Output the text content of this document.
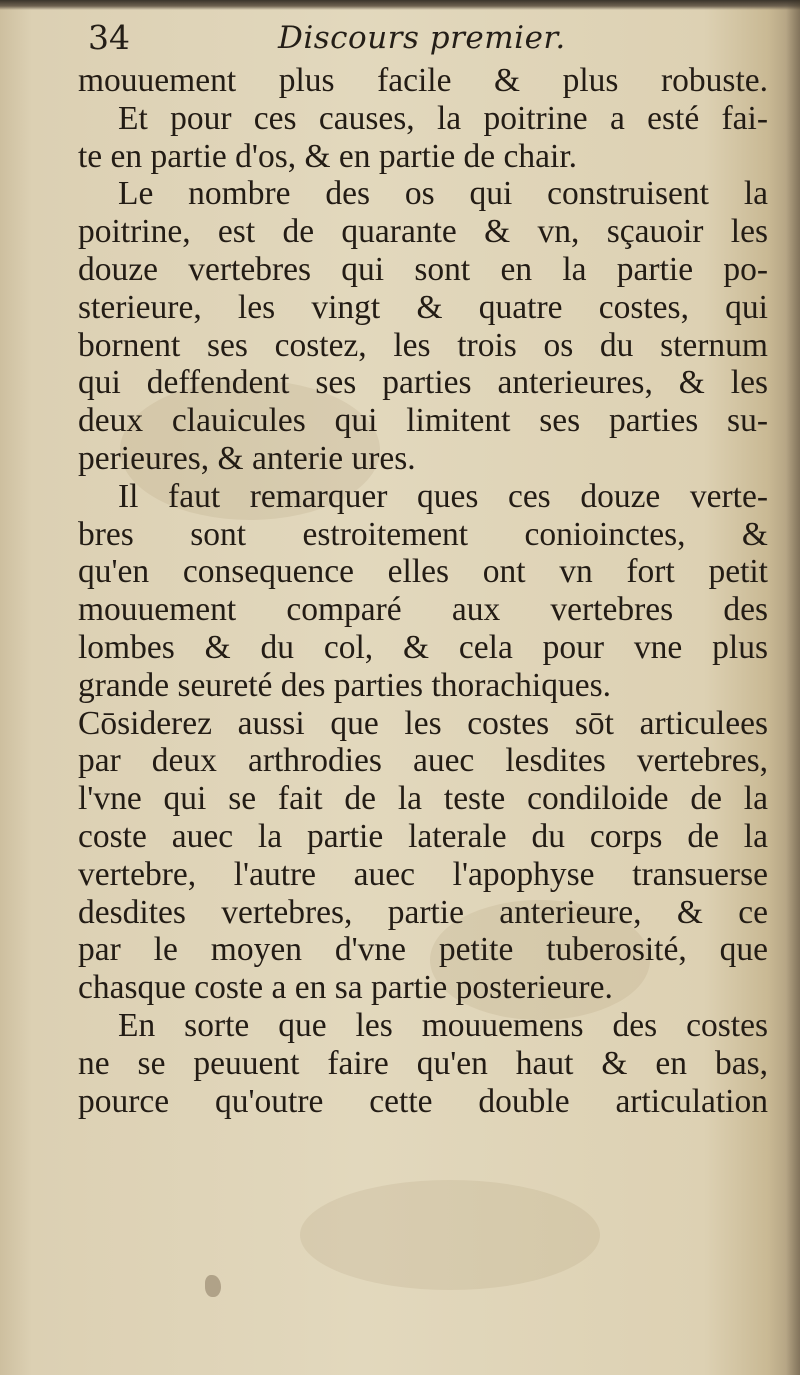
34	Discours premier.
mouuement plus facile & plus robuste.
Et pour ces causes, la poitrine a esté fai-
te en partie d'os, & en partie de chair.
Le nombre des os qui construisent la
poitrine, est de quarante & vn, sçauoir les
douze vertebres qui sont en la partie po-
sterieure, les vingt & quatre costes, qui
bornent ses costez, les trois os du sternum
qui deffendent ses parties anterieures, & les
deux clauicules qui limitent ses parties su-
perieures, & anterie ures.
Il faut remarquer ques ces douze verte-
bres sont estroitement conioinctes, &
qu'en consequence elles ont vn fort petit
mouuement comparé aux vertebres des
lombes & du col, & cela pour vne plus
grande seureté des parties thorachiques.
Cōsiderez aussi que les costes sōt articulees
par deux arthrodies auec lesdites vertebres,
l'vne qui se fait de la teste condiloide de la
coste auec la partie laterale du corps de la
vertebre, l'autre auec l'apophyse transuerse
desdites vertebres, partie anterieure, & ce
par le moyen d'vne petite tuberosité, que
chasque coste a en sa partie posterieure.
En sorte que les mouuemens des costes
ne se peuuent faire qu'en haut & en bas,
pource qu'outre cette double articulation
